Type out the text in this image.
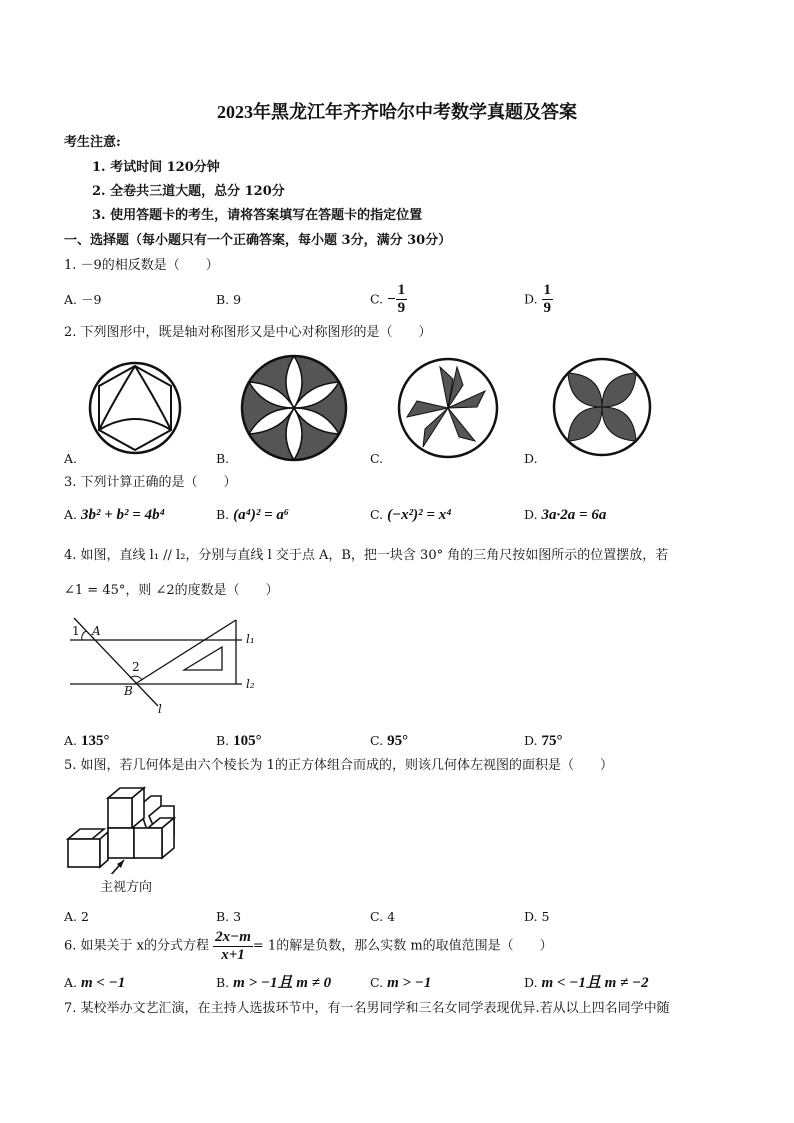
2023年黑龙江年齐齐哈尔中考数学真题及答案
考生注意:
1. 考试时间 120分钟
2. 全卷共三道大题，总分 120分
3. 使用答题卡的考生，请将答案填写在答题卡的指定位置
一、选择题（每小题只有一个正确答案，每小题 3分，满分 30分）
1. －9的相反数是（　　）
A. －9	B. 9	C. − $\frac{1}{9}$	D. $\frac{1}{9}$
2. 下列图形中，既是轴对称图形又是中心对称图形的是（　　）
A.	B.	C.	D.
3. 下列计算正确的是（　　）
A. 3b² + b² = 4b⁴	B. (a⁴)² = a⁶	C. (−x²)² = x⁴	D. 3a·2a = 6a
4. 如图，直线 l₁ // l₂，分别与直线 l 交于点 A，B，把一块含 30° 角的三角尺按如图所示的位置摆放，若
∠1 = 45°，则 ∠2的度数是（　　）
1 A
2
B
l
l₁
l₂
A. 135°	B. 105°	C. 95°	D. 75°
5. 如图，若几何体是由六个棱长为 1的正方体组合而成的，则该几何体左视图的面积是（　　）
主视方向
A. 2	B. 3	C. 4	D. 5
6. 如果关于 x的分式方程 $\frac{2x-m}{x+1} = 1$的解是负数，那么实数 m的取值范围是（　　）
A. m < −1	B. m > −1且 m ≠ 0	C. m > −1	D. m < −1且 m ≠ −2
7. 某校举办文艺汇演，在主持人选拔环节中，有一名男同学和三名女同学表现优异.若从以上四名同学中随
